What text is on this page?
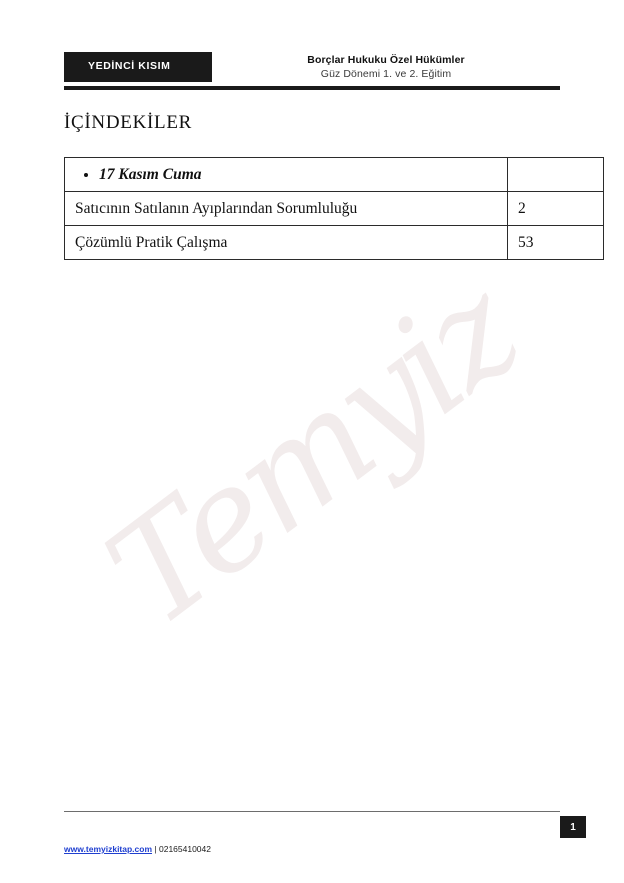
YEDİNCİ KISIM	Borçlar Hukuku Özel Hükümler
Güz Dönemi 1. ve 2. Eğitim
İÇİNDEKİLER
Temyiz
17 Kasım Cuma	
Satıcının Satılanın Ayıplarından Sorumluluğu	2
Çözümlü Pratik Çalışma	53
1
www.temyizkitap.com | 02165410042
